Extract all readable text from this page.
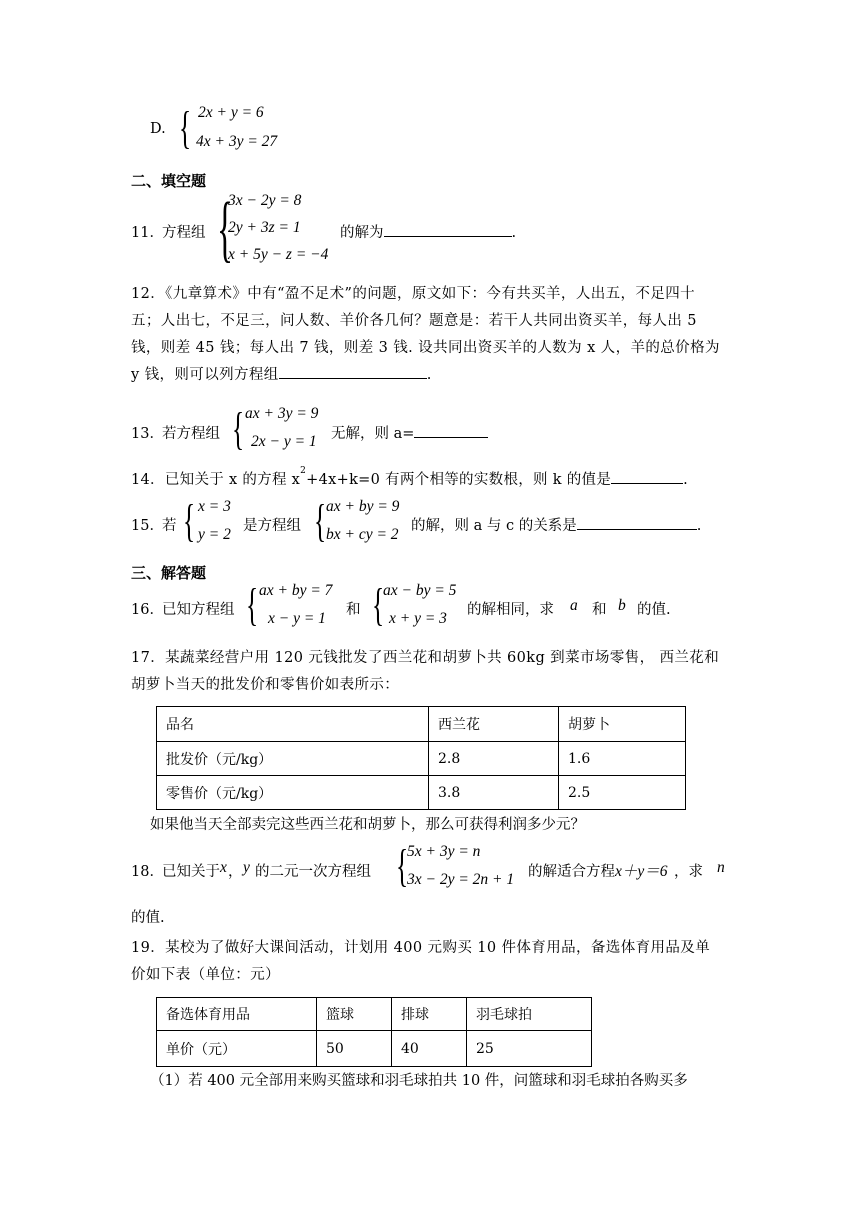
D. { 2x + y = 6
4x + 3y = 27
二、填空题
11．
方程组 {
3x − 2y = 8
2y + 3z = 1
x + 5y − z = −4
的解为	.
12．《九章算术》中有“盈不足术”的问题，原文如下：今有共买羊，人出五，不足四十
五；人出七，不足三，问人数、羊价各几何？题意是：若干人共同出资买羊，每人出 5
钱，则差 45 钱；每人出 7 钱，则差 3 钱. 设共同出资买羊的人数为 x 人，羊的总价格为
y 钱，则可以列方程组	.
13．
若方程组 { ax + 3y = 9
2x − y = 1 无解，则 a=
14．已知关于 x 的方程 $x^2+4x+k=0$ 有两个相等的实数根，则 k 的值是	.
15．
若 { x = 3
y = 2 是方程组 { ax + by = 9
bx + cy = 2 的解，则 a 与 c 的关系是	.
三、解答题
16．
已知方程组 { ax + by = 7
x − y = 1 和 {
ax − by = 5
x + y = 3 的解相同，求 a 和 b 的值.
17．某蔬菜经营户用 120 元钱批发了西兰花和胡萝卜共 60kg 到菜市场零售， 西兰花和
胡萝卜当天的批发价和零售价如表所示：
品名	西兰花	胡萝卜
批发价（元/kg）	2.8	1.6
零售价（元/kg）	3.8	2.5
如果他当天全部卖完这些西兰花和胡萝卜，那么可获得利润多少元？
18．
已知关于 x ， y 的二元一次方程组 {
5x + 3y = n
3x − 2y = 2n + 1 的解适合方程 x＋y＝6 ，求 n
的值.
19．某校为了做好大课间活动，计划用 400 元购买 10 件体育用品，备选体育用品及单
价如下表（单位：元）
备选体育用品	篮球	排球	羽毛球拍
单价（元）	50	40	25
（1）若 400 元全部用来购买篮球和羽毛球拍共 10 件，问篮球和羽毛球拍各购买多
